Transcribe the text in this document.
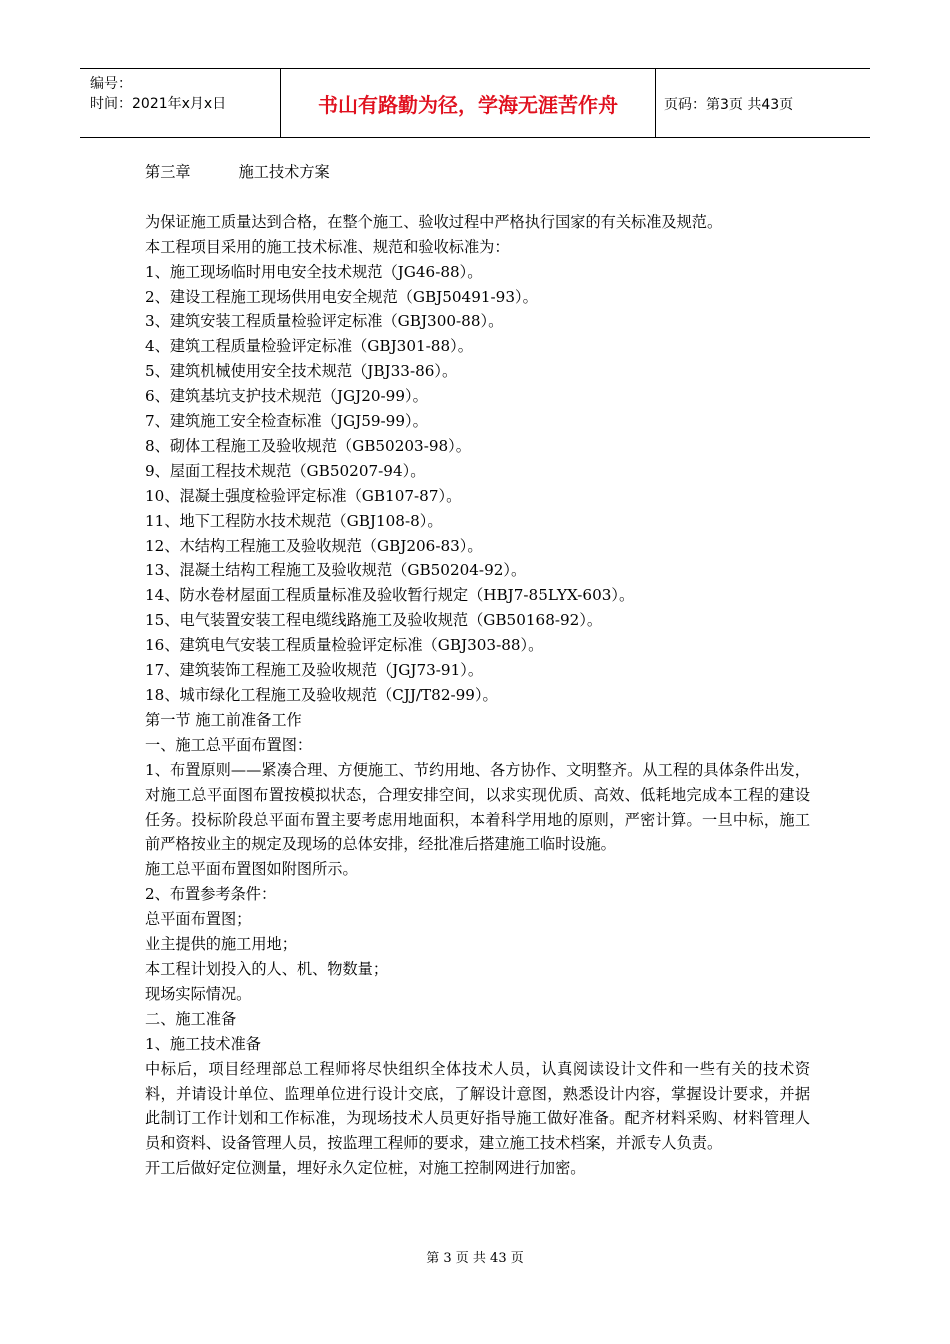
编号：
时间：2021年x月x日	书山有路勤为径，学海无涯苦作舟	页码：第3页 共43页
第三章	施工技术方案
为保证施工质量达到合格，在整个施工、验收过程中严格执行国家的有关标准及规范。
本工程项目采用的施工技术标准、规范和验收标准为：
1、施工现场临时用电安全技术规范（JG46-88）。
2、建设工程施工现场供用电安全规范（GBJ50491-93）。
3、建筑安装工程质量检验评定标准（GBJ300-88）。
4、建筑工程质量检验评定标准（GBJ301-88）。
5、建筑机械使用安全技术规范（JBJ33-86）。
6、建筑基坑支护技术规范（JGJ20-99）。
7、建筑施工安全检查标准（JGJ59-99）。
8、砌体工程施工及验收规范（GB50203-98）。
9、屋面工程技术规范（GB50207-94）。
10、混凝土强度检验评定标准（GB107-87）。
11、地下工程防水技术规范（GBJ108-8）。
12、木结构工程施工及验收规范（GBJ206-83）。
13、混凝土结构工程施工及验收规范（GB50204-92）。
14、防水卷材屋面工程质量标准及验收暂行规定（HBJ7-85LYX-603）。
15、电气装置安装工程电缆线路施工及验收规范（GB50168-92）。
16、建筑电气安装工程质量检验评定标准（GBJ303-88）。
17、建筑装饰工程施工及验收规范（JGJ73-91）。
18、城市绿化工程施工及验收规范（CJJ/T82-99）。
第一节 施工前准备工作
一、施工总平面布置图：
1、布置原则——紧凑合理、方便施工、节约用地、各方协作、文明整齐。从工程的具体条件出发，对施工总平面图布置按模拟状态，合理安排空间，以求实现优质、高效、低耗地完成本工程的建设任务。投标阶段总平面布置主要考虑用地面积，本着科学用地的原则，严密计算。一旦中标，施工前严格按业主的规定及现场的总体安排，经批准后搭建施工临时设施。
施工总平面布置图如附图所示。
2、布置参考条件：
总平面布置图；
业主提供的施工用地；
本工程计划投入的人、机、物数量；
现场实际情况。
二、施工准备
1、施工技术准备
中标后，项目经理部总工程师将尽快组织全体技术人员，认真阅读设计文件和一些有关的技术资料，并请设计单位、监理单位进行设计交底，了解设计意图，熟悉设计内容，掌握设计要求，并据此制订工作计划和工作标准，为现场技术人员更好指导施工做好准备。配齐材料采购、材料管理人员和资料、设备管理人员，按监理工程师的要求，建立施工技术档案，并派专人负责。
开工后做好定位测量，埋好永久定位桩，对施工控制网进行加密。
第 3 页 共 43 页
